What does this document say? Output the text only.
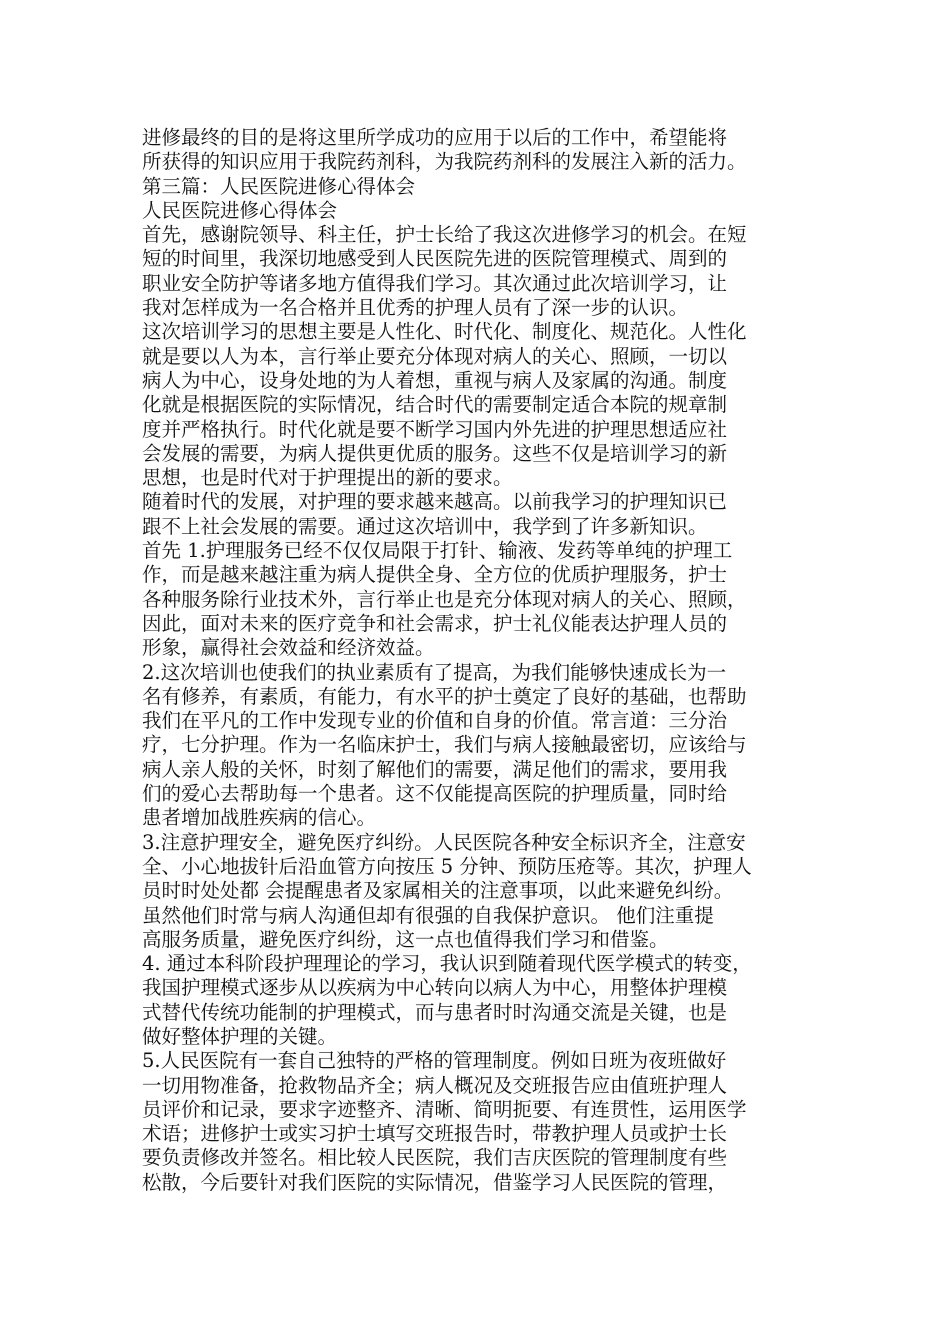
进修最终的目的是将这里所学成功的应用于以后的工作中，希望能将
所获得的知识应用于我院药剂科，为我院药剂科的发展注入新的活力。

第三篇：人民医院进修心得体会

人民医院进修心得体会

首先，感谢院领导、科主任，护士长给了我这次进修学习的机会。在短
短的时间里，我深切地感受到人民医院先进的医院管理模式、周到的
职业安全防护等诸多地方值得我们学习。其次通过此次培训学习，让
我对怎样成为一名合格并且优秀的护理人员有了深一步的认识。

这次培训学习的思想主要是人性化、时代化、制度化、规范化。人性化
就是要以人为本，言行举止要充分体现对病人的关心、照顾，一切以
病人为中心，设身处地的为人着想，重视与病人及家属的沟通。制度
化就是根据医院的实际情况，结合时代的需要制定适合本院的规章制
度并严格执行。时代化就是要不断学习国内外先进的护理思想适应社
会发展的需要，为病人提供更优质的服务。这些不仅是培训学习的新
思想，也是时代对于护理提出的新的要求。

随着时代的发展，对护理的要求越来越高。以前我学习的护理知识已
跟不上社会发展的需要。通过这次培训中，我学到了许多新知识。

首先 1.护理服务已经不仅仅局限于打针、输液、发药等单纯的护理工
作，而是越来越注重为病人提供全身、全方位的优质护理服务，护士
各种服务除行业技术外，言行举止也是充分体现对病人的关心、照顾，
因此，面对未来的医疗竞争和社会需求，护士礼仪能表达护理人员的
形象，赢得社会效益和经济效益。

2.这次培训也使我们的执业素质有了提高，为我们能够快速成长为一
名有修养，有素质，有能力，有水平的护士奠定了良好的基础，也帮助
我们在平凡的工作中发现专业的价值和自身的价值。常言道：三分治
疗，七分护理。作为一名临床护士，我们与病人接触最密切，应该给与
病人亲人般的关怀，时刻了解他们的需要，满足他们的需求，要用我
们的爱心去帮助每一个患者。这不仅能提高医院的护理质量，同时给
患者增加战胜疾病的信心。

3.注意护理安全，避免医疗纠纷。人民医院各种安全标识齐全，注意安
全、小心地拔针后沿血管方向按压 5 分钟、预防压疮等。其次，护理人
员时时处处都 会提醒患者及家属相关的注意事项，以此来避免纠纷。
虽然他们时常与病人沟通但却有很强的自我保护意识。 他们注重提
高服务质量，避免医疗纠纷，这一点也值得我们学习和借鉴。

4. 通过本科阶段护理理论的学习，我认识到随着现代医学模式的转变，
我国护理模式逐步从以疾病为中心转向以病人为中心，用整体护理模
式替代传统功能制的护理模式，而与患者时时沟通交流是关键，也是
做好整体护理的关键。

5.人民医院有一套自己独特的严格的管理制度。例如日班为夜班做好
一切用物准备，抢救物品齐全；病人概况及交班报告应由值班护理人
员评价和记录，要求字迹整齐、清晰、简明扼要、有连贯性，运用医学
术语；进修护士或实习护士填写交班报告时，带教护理人员或护士长
要负责修改并签名。相比较人民医院，我们吉庆医院的管理制度有些
松散，今后要针对我们医院的实际情况，借鉴学习人民医院的管理，
